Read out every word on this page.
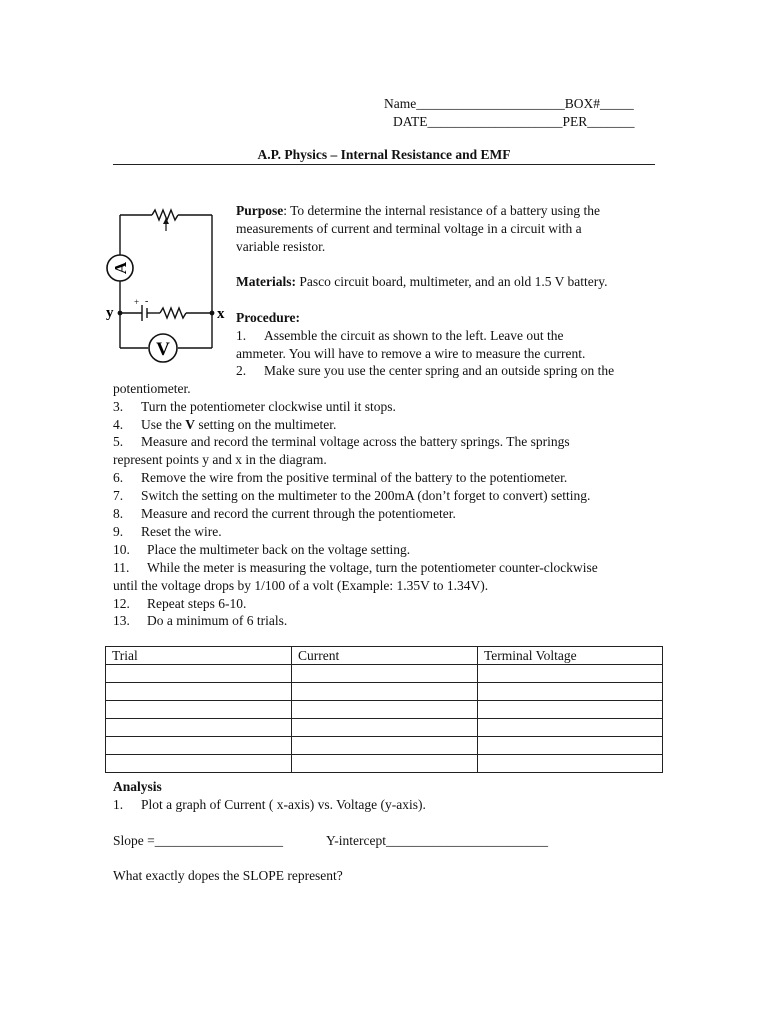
Name______________________BOX#_____
DATE____________________PER_______
A.P. Physics – Internal Resistance and EMF
A
V
y	x
+ -
Purpose: To determine the internal resistance of a battery using the
measurements of current and terminal voltage in a circuit with a
variable resistor.
Materials: Pasco circuit board, multimeter, and an old 1.5 V battery.
Procedure:
1. Assemble the circuit as shown to the left. Leave out the
ammeter. You will have to remove a wire to measure the current.
2. Make sure you use the center spring and an outside spring on the
potentiometer.
3. Turn the potentiometer clockwise until it stops.
4. Use the V setting on the multimeter.
5. Measure and record the terminal voltage across the battery springs. The springs
represent points y and x in the diagram.
6. Remove the wire from the positive terminal of the battery to the potentiometer.
7. Switch the setting on the multimeter to the 200mA (don’t forget to convert) setting.
8. Measure and record the current through the potentiometer.
9. Reset the wire.
10. Place the multimeter back on the voltage setting.
11. While the meter is measuring the voltage, turn the potentiometer counter-clockwise
until the voltage drops by 1/100 of a volt (Example: 1.35V to 1.34V).
12. Repeat steps 6-10.
13. Do a minimum of 6 trials.
Trial	Current	Terminal Voltage

Analysis
1. Plot a graph of Current ( x-axis) vs. Voltage (y-axis).
Slope =___________________	Y-intercept________________________
What exactly dopes the SLOPE represent?
